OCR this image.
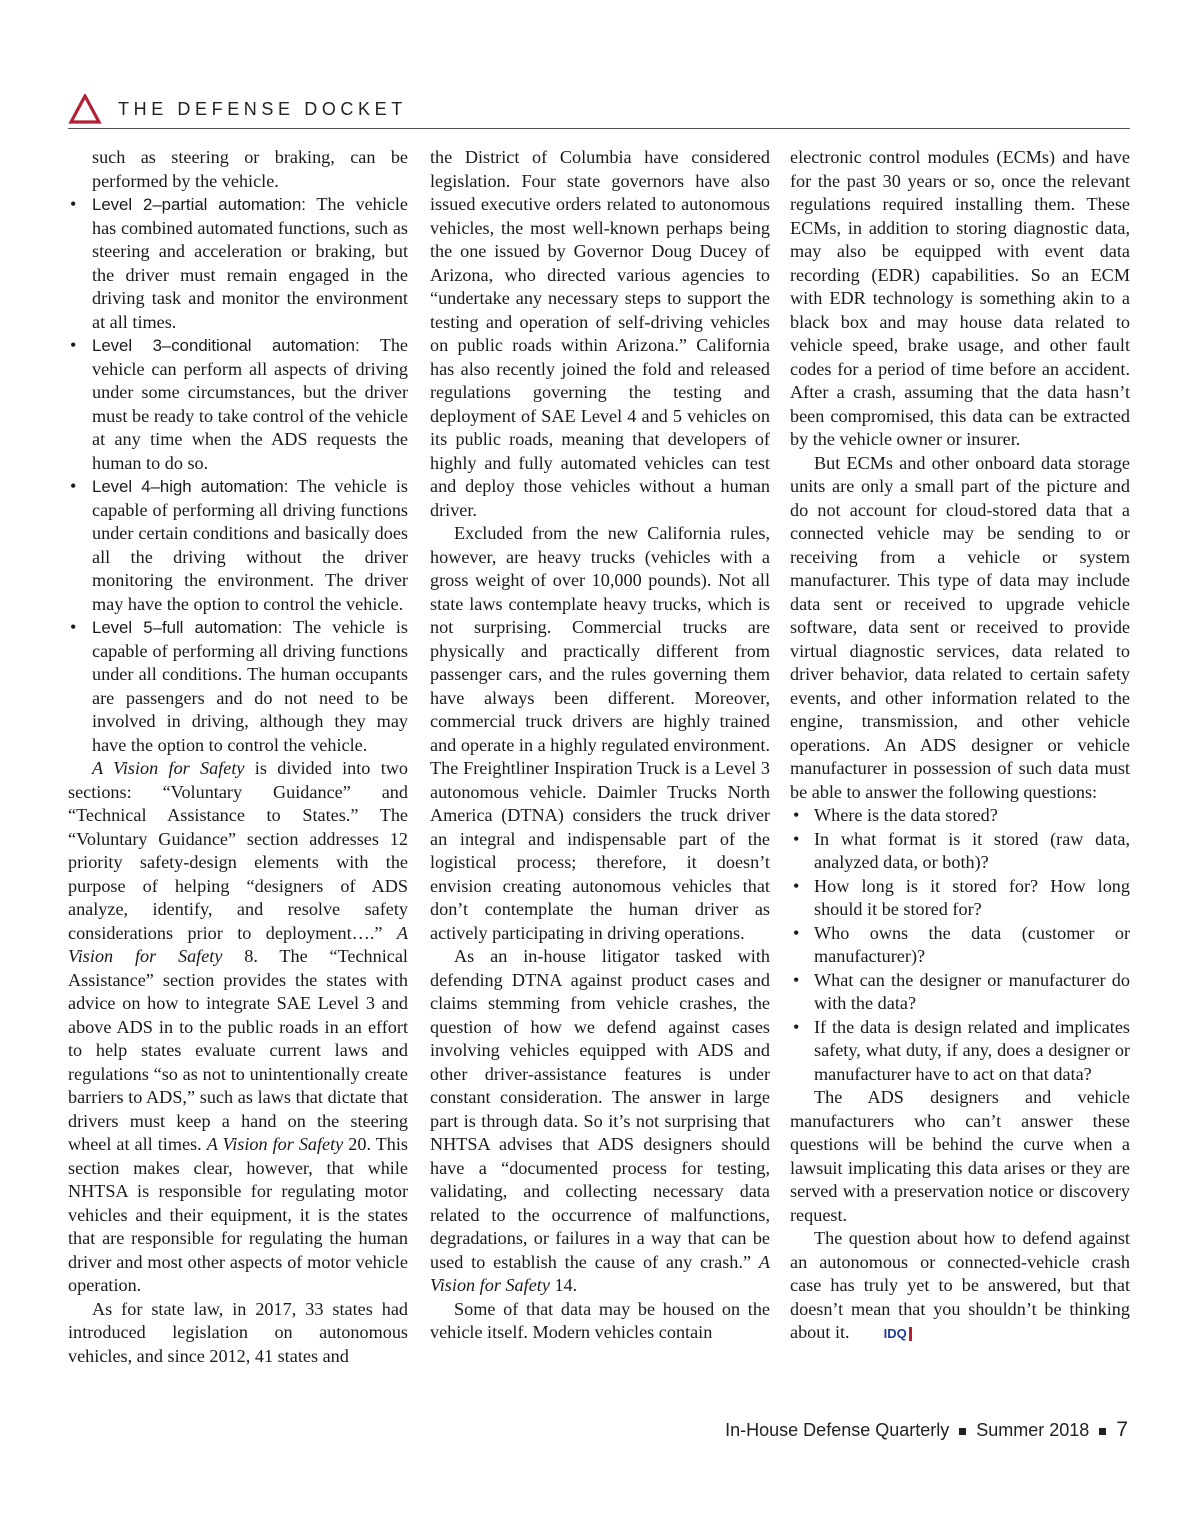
THE DEFENSE DOCKET

such as steering or braking, can be performed by the vehicle.

• Level 2–partial automation: The vehicle has combined automated functions, such as steering and acceleration or braking, but the driver must remain engaged in the driving task and monitor the environment at all times.
• Level 3–conditional automation: The vehicle can perform all aspects of driving under some circumstances, but the driver must be ready to take control of the vehicle at any time when the ADS requests the human to do so.
• Level 4–high automation: The vehicle is capable of performing all driving functions under certain conditions and basically does all the driving without the driver monitoring the environment. The driver may have the option to control the vehicle.
• Level 5–full automation: The vehicle is capable of performing all driving functions under all conditions. The human occupants are passengers and do not need to be involved in driving, although they may have the option to control the vehicle.

A Vision for Safety is divided into two sections: “Voluntary Guidance” and “Technical Assistance to States.” The “Voluntary Guidance” section addresses 12 priority safety-design elements with the purpose of helping “designers of ADS analyze, identify, and resolve safety considerations prior to deployment….” A Vision for Safety 8. The “Technical Assistance” section provides the states with advice on how to integrate SAE Level 3 and above ADS in to the public roads in an effort to help states evaluate current laws and regulations “so as not to unintentionally create barriers to ADS,” such as laws that dictate that drivers must keep a hand on the steering wheel at all times. A Vision for Safety 20. This section makes clear, however, that while NHTSA is responsible for regulating motor vehicles and their equipment, it is the states that are responsible for regulating the human driver and most other aspects of motor vehicle operation.

As for state law, in 2017, 33 states had introduced legislation on autonomous vehicles, and since 2012, 41 states and

the District of Columbia have considered legislation. Four state governors have also issued executive orders related to autonomous vehicles, the most well-known perhaps being the one issued by Governor Doug Ducey of Arizona, who directed various agencies to “undertake any necessary steps to support the testing and operation of self-driving vehicles on public roads within Arizona.” California has also recently joined the fold and released regulations governing the testing and deployment of SAE Level 4 and 5 vehicles on its public roads, meaning that developers of highly and fully automated vehicles can test and deploy those vehicles without a human driver.

Excluded from the new California rules, however, are heavy trucks (vehicles with a gross weight of over 10,000 pounds). Not all state laws contemplate heavy trucks, which is not surprising. Commercial trucks are physically and practically different from passenger cars, and the rules governing them have always been different. Moreover, commercial truck drivers are highly trained and operate in a highly regulated environment. The Freightliner Inspiration Truck is a Level 3 autonomous vehicle. Daimler Trucks North America (DTNA) considers the truck driver an integral and indispensable part of the logistical process; therefore, it doesn’t envision creating autonomous vehicles that don’t contemplate the human driver as actively participating in driving operations.

As an in-house litigator tasked with defending DTNA against product cases and claims stemming from vehicle crashes, the question of how we defend against cases involving vehicles equipped with ADS and other driver-assistance features is under constant consideration. The answer in large part is through data. So it’s not surprising that NHTSA advises that ADS designers should have a “documented process for testing, validating, and collecting necessary data related to the occurrence of malfunctions, degradations, or failures in a way that can be used to establish the cause of any crash.” A Vision for Safety 14.

Some of that data may be housed on the vehicle itself. Modern vehicles contain

electronic control modules (ECMs) and have for the past 30 years or so, once the relevant regulations required installing them. These ECMs, in addition to storing diagnostic data, may also be equipped with event data recording (EDR) capabilities. So an ECM with EDR technology is something akin to a black box and may house data related to vehicle speed, brake usage, and other fault codes for a period of time before an accident. After a crash, assuming that the data hasn’t been compromised, this data can be extracted by the vehicle owner or insurer.

But ECMs and other onboard data storage units are only a small part of the picture and do not account for cloud-stored data that a connected vehicle may be sending to or receiving from a vehicle or system manufacturer. This type of data may include data sent or received to upgrade vehicle software, data sent or received to provide virtual diagnostic services, data related to driver behavior, data related to certain safety events, and other information related to the engine, transmission, and other vehicle operations. An ADS designer or vehicle manufacturer in possession of such data must be able to answer the following questions:

• Where is the data stored?
• In what format is it stored (raw data, analyzed data, or both)?
• How long is it stored for? How long should it be stored for?
• Who owns the data (customer or manufacturer)?
• What can the designer or manufacturer do with the data?
• If the data is design related and implicates safety, what duty, if any, does a designer or manufacturer have to act on that data?

The ADS designers and vehicle manufacturers who can’t answer these questions will be behind the curve when a lawsuit implicating this data arises or they are served with a preservation notice or discovery request.

The question about how to defend against an autonomous or connected-vehicle crash case has truly yet to be answered, but that doesn’t mean that you shouldn’t be thinking about it.	IDQ

In-House Defense Quarterly Summer 2018 7
